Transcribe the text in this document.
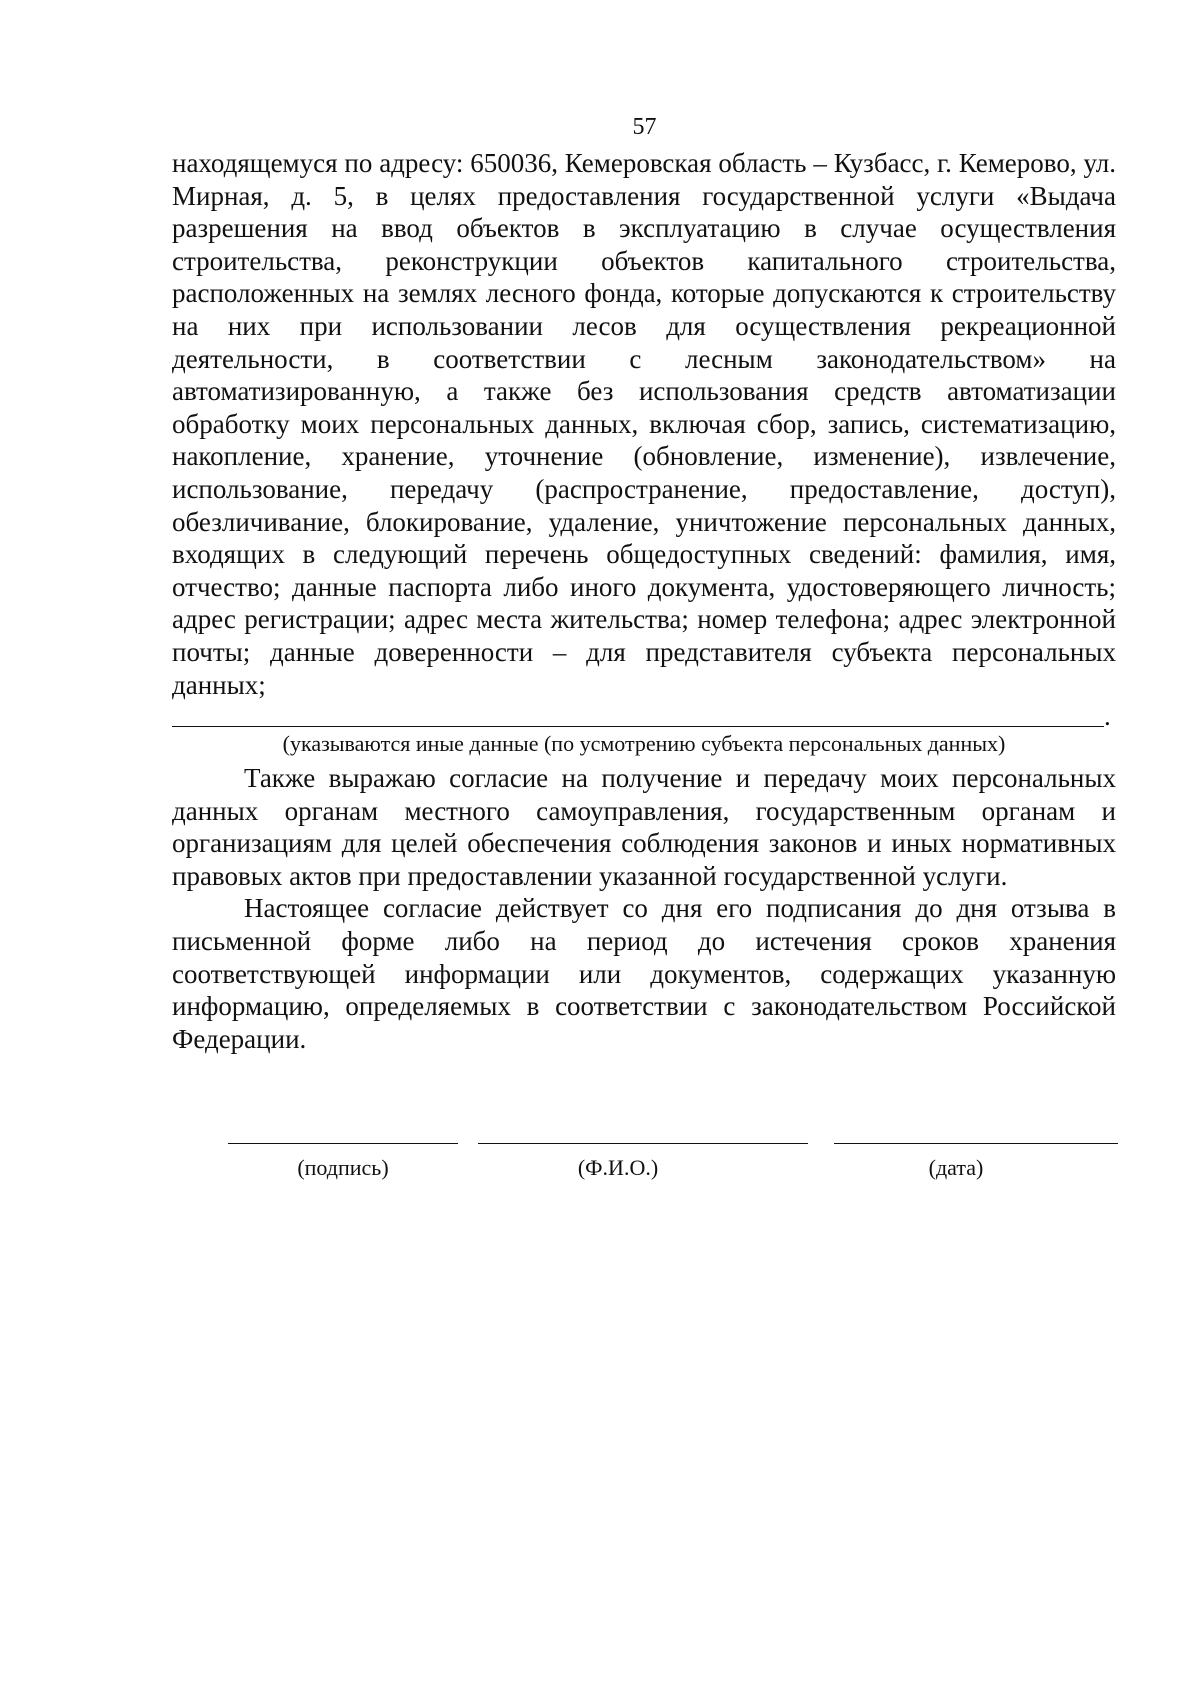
57

находящемуся по адресу: 650036, Кемеровская область – Кузбасс, г. Кемерово, ул. Мирная, д. 5, в целях предоставления государственной услуги «Выдача разрешения на ввод объектов в эксплуатацию в случае осуществления строительства, реконструкции объектов капитального строительства, расположенных на землях лесного фонда, которые допускаются к строительству на них при использовании лесов для осуществления рекреационной деятельности, в соответствии с лесным законодательством» на автоматизированную, а также без использования средств автоматизации обработку моих персональных данных, включая сбор, запись, систематизацию, накопление, хранение, уточнение (обновление, изменение), извлечение, использование, передачу (распространение, предоставление, доступ), обезличивание, блокирование, удаление, уничтожение персональных данных, входящих в следующий перечень общедоступных сведений: фамилия, имя, отчество; данные паспорта либо иного документа, удостоверяющего личность; адрес регистрации; адрес места жительства; номер телефона; адрес электронной почты; данные доверенности – для представителя субъекта персональных данных;

.
(указываются иные данные (по усмотрению субъекта персональных данных)

Также выражаю согласие на получение и передачу моих персональных данных органам местного самоуправления, государственным органам и организациям для целей обеспечения соблюдения законов и иных нормативных правовых актов при предоставлении указанной государственной услуги.

Настоящее согласие действует со дня его подписания до дня отзыва в письменной форме либо на период до истечения сроков хранения соответствующей информации или документов, содержащих указанную информацию, определяемых в соответствии с законодательством Российской Федерации.

(подпись)	(Ф.И.О.)	(дата)
